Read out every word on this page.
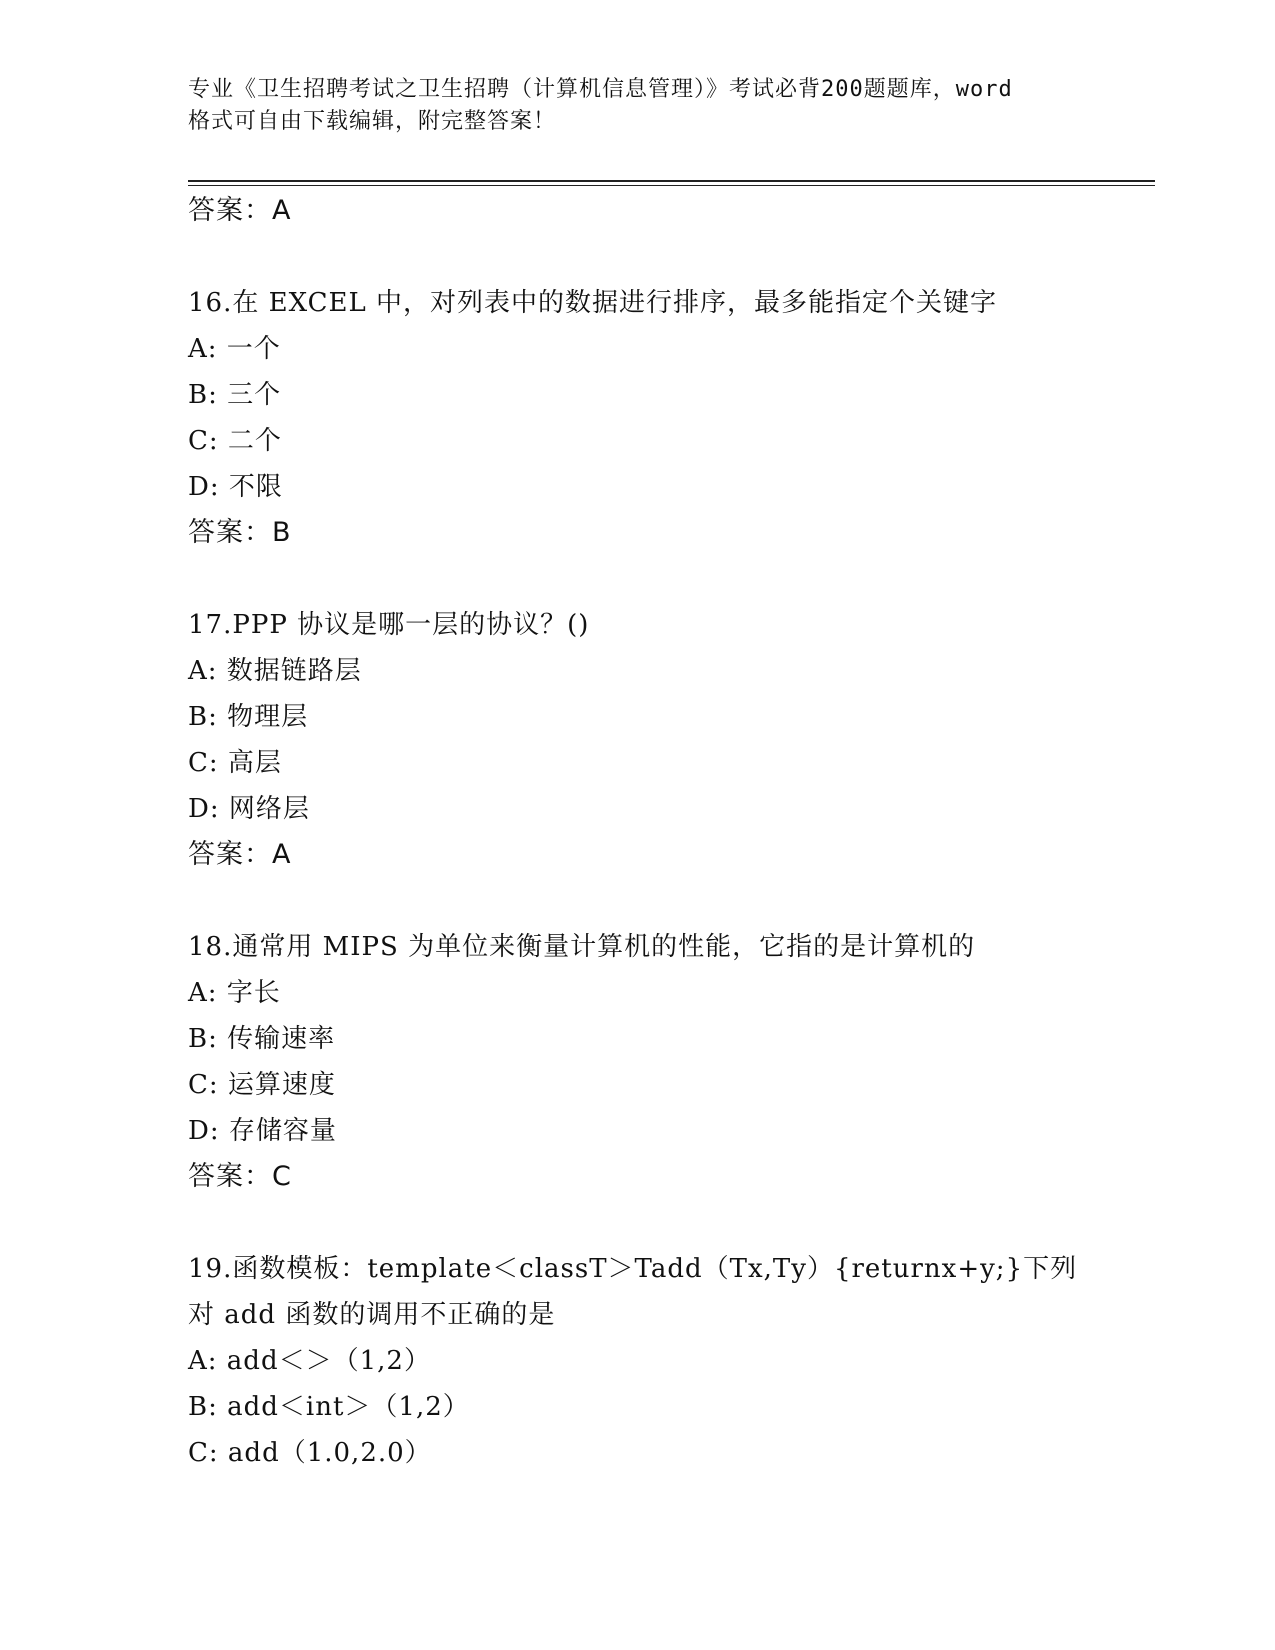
专业《卫生招聘考试之卫生招聘（计算机信息管理）》考试必背200题题库，word
格式可自由下载编辑，附完整答案！
答案：A
16.在 EXCEL 中，对列表中的数据进行排序，最多能指定个关键字
A: 一个
B: 三个
C: 二个
D: 不限
答案：B
17.PPP 协议是哪一层的协议？()
A: 数据链路层
B: 物理层
C: 高层
D: 网络层
答案：A
18.通常用 MIPS 为单位来衡量计算机的性能，它指的是计算机的
A: 字长
B: 传输速率
C: 运算速度
D: 存储容量
答案：C
19.函数模板：template＜classT＞Tadd（Tx,Ty）{returnx+y;}下列
对 add 函数的调用不正确的是
A: add＜＞（1,2）
B: add＜int＞（1,2）
C: add（1.0,2.0）
